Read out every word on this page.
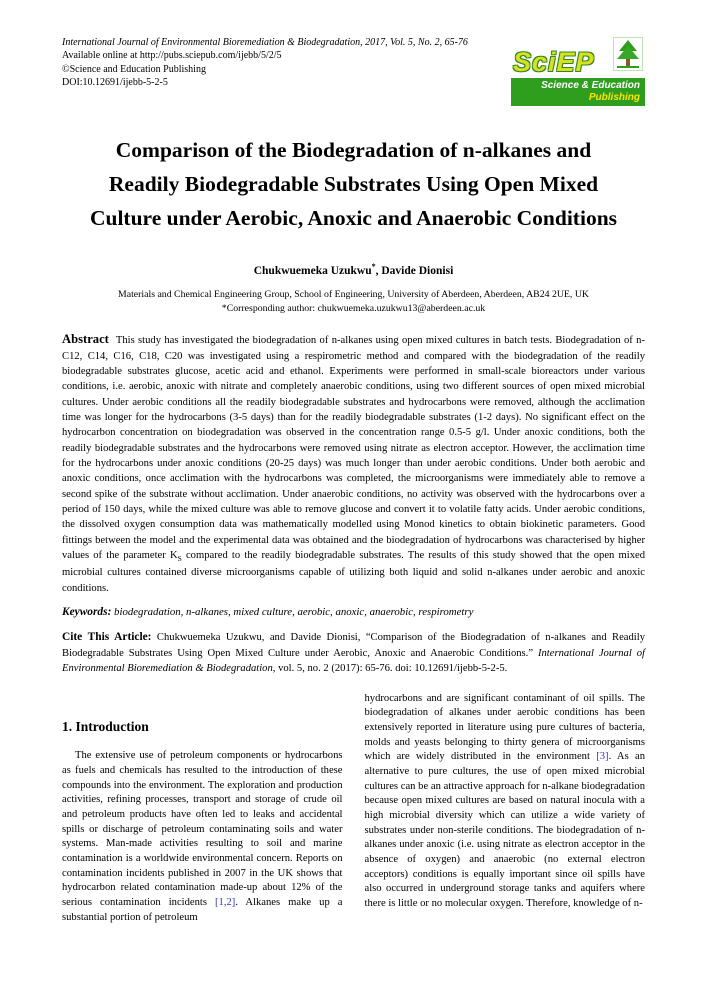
International Journal of Environmental Bioremediation & Biodegradation, 2017, Vol. 5, No. 2, 65-76
Available online at http://pubs.sciepub.com/ijebb/5/2/5
©Science and Education Publishing
DOI:10.12691/ijebb-5-2-5
SciEP
Science & Education
Publishing
Comparison of the Biodegradation of n-alkanes and Readily Biodegradable Substrates Using Open Mixed Culture under Aerobic, Anoxic and Anaerobic Conditions
Chukwuemeka Uzukwu*, Davide Dionisi
Materials and Chemical Engineering Group, School of Engineering, University of Aberdeen, Aberdeen, AB24 2UE, UK
*Corresponding author: chukwuemeka.uzukwu13@aberdeen.ac.uk

Abstract This study has investigated the biodegradation of n-alkanes using open mixed cultures in batch tests. Biodegradation of n-C12, C14, C16, C18, C20 was investigated using a respirometric method and compared with the biodegradation of the readily biodegradable substrates glucose, acetic acid and ethanol. Experiments were performed in small-scale bioreactors under various conditions, i.e. aerobic, anoxic with nitrate and completely anaerobic conditions, using two different sources of open mixed microbial cultures. Under aerobic conditions all the readily biodegradable substrates and hydrocarbons were removed, although the acclimation time was longer for the hydrocarbons (3-5 days) than for the readily biodegradable substrates (1-2 days). No significant effect on the hydrocarbon concentration on biodegradation was observed in the concentration range 0.5-5 g/l. Under anoxic conditions, both the readily biodegradable substrates and the hydrocarbons were removed using nitrate as electron acceptor. However, the acclimation time for the hydrocarbons under anoxic conditions (20-25 days) was much longer than under aerobic conditions. Under both aerobic and anoxic conditions, once acclimation with the hydrocarbons was completed, the microorganisms were immediately able to remove a second spike of the substrate without acclimation. Under anaerobic conditions, no activity was observed with the hydrocarbons over a period of 150 days, while the mixed culture was able to remove glucose and convert it to volatile fatty acids. Under aerobic conditions, the dissolved oxygen consumption data was mathematically modelled using Monod kinetics to obtain biokinetic parameters. Good fittings between the model and the experimental data was obtained and the biodegradation of hydrocarbons was characterised by higher values of the parameter $K_S$ compared to the readily biodegradable substrates. The results of this study showed that the open mixed microbial cultures contained diverse microorganisms capable of utilizing both liquid and solid n-alkanes under aerobic and anoxic conditions.

Keywords: biodegradation, n-alkanes, mixed culture, aerobic, anoxic, anaerobic, respirometry

Cite This Article: Chukwuemeka Uzukwu, and Davide Dionisi, “Comparison of the Biodegradation of n-alkanes and Readily Biodegradable Substrates Using Open Mixed Culture under Aerobic, Anoxic and Anaerobic Conditions.” International Journal of Environmental Bioremediation & Biodegradation, vol. 5, no. 2 (2017): 65-76. doi: 10.12691/ijebb-5-2-5.

1. Introduction

The extensive use of petroleum components or hydrocarbons as fuels and chemicals has resulted to the introduction of these compounds into the environment. The exploration and production activities, refining processes, transport and storage of crude oil and petroleum products have often led to leaks and accidental spills or discharge of petroleum contaminating soils and water systems. Man-made activities resulting to soil and marine contamination is a worldwide environmental concern. Reports on contamination incidents published in 2007 in the UK shows that hydrocarbon related contamination made-up about 12% of the serious contamination incidents [1,2]. Alkanes make up a substantial portion of petroleum

hydrocarbons and are significant contaminant of oil spills. The biodegradation of alkanes under aerobic conditions has been extensively reported in literature using pure cultures of bacteria, molds and yeasts belonging to thirty genera of microorganisms which are widely distributed in the environment [3]. As an alternative to pure cultures, the use of open mixed microbial cultures can be an attractive approach for n-alkane biodegradation because open mixed cultures are based on natural inocula with a high microbial diversity which can utilize a wide variety of substrates under non-sterile conditions. The biodegradation of n-alkanes under anoxic (i.e. using nitrate as electron acceptor in the absence of oxygen) and anaerobic (no external electron acceptors) conditions is equally important since oil spills have also occurred in underground storage tanks and aquifers where there is little or no molecular oxygen. Therefore, knowledge of n-
